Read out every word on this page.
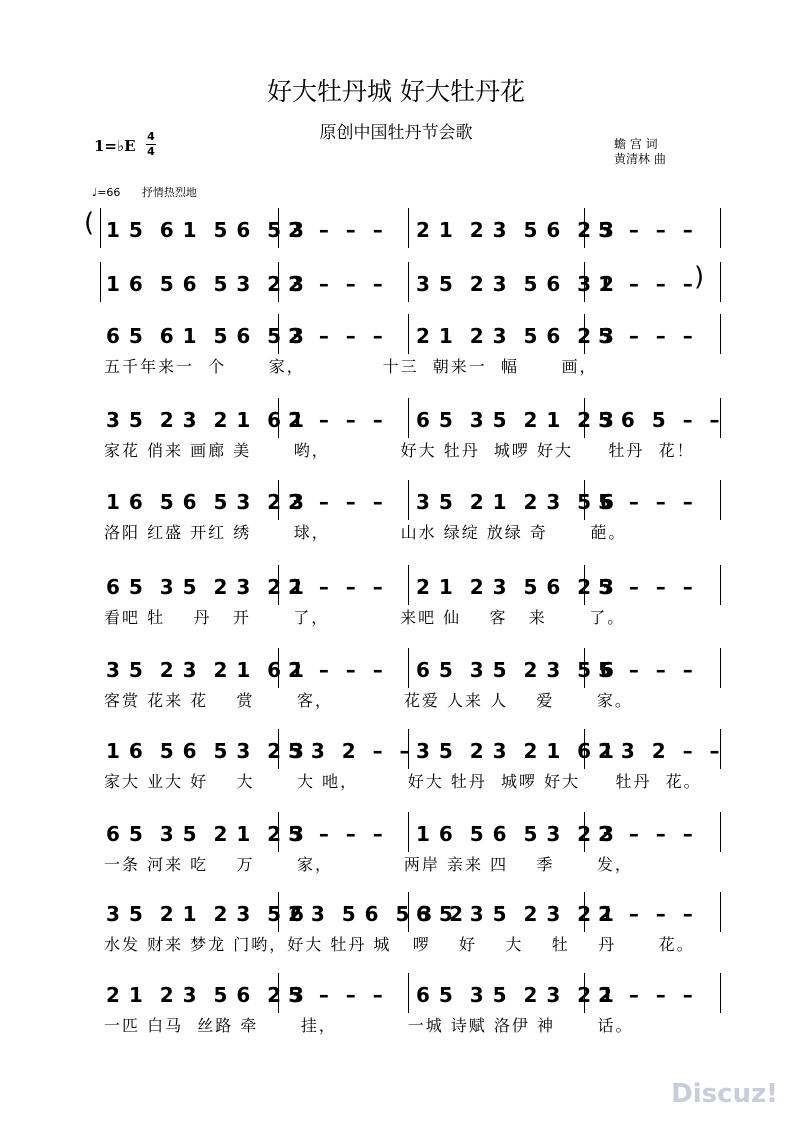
好大牡丹城 好大牡丹花
原创中国牡丹节会歌
1=♭E
4
4
蟾 宫 词
黄清林 曲
♩=66 抒情热烈地
1 5  6 1  5 6  5 3
2  –  –  – 2 1  2 3  5 6  2 3
5  –  –  –
1 6  5 6  5 3  2 3
2  –  –  – 3 5  2 3  5 6  3 2
1  –  –  –
6 5  6 1  5 6  5 3
2  –  –  – 2 1  2 3  5 6  2 3
5  –  –  –
五千年来一  个      家，           十三  朝来一  幅      画，
3 5  2 3  2 1  6 1
2  –  –  – 6 5  3 5  2 1  2 3
5 6  5  –  –
家花 俏来 画廊 美      哟，          好大 牡丹  城啰 好大     牡丹  花！
1 6  5 6  5 3  2 3
2  –  –  – 3 5  2 1  2 3  5 6
5  –  –  –
洛阳 红盛 开红 绣      球，          山水 绿绽 放绿 奇      葩。
6 5  3 5  2 3  2 1
2  –  –  – 2 1  2 3  5 6  2 3
5  –  –  –
看吧 牡    丹   开      了，          来吧 仙    客   来      了。
3 5  2 3  2 1  6 1
2  –  –  – 6 5  3 5  2 3  5 6
5  –  –  –
客赏 花来 花    赏      客，          花爱 人来 人    爱      家。
1 6  5 6  5 3  2 3
5 3  2  –  – 3 5  2 3  2 1  6 1
2 3  2  –  –
家大 业大 好    大      大 吔，       好大 牡丹  城啰 好大     牡丹  花。
6 5  3 5  2 1  2 3
5  –  –  – 1 6  5 6  5 3  2 3
2  –  –  –
一条 河来 吃    万      家，          两岸 亲来 四    季      发，
3 5  2 1  2 3  5 6
2 3  5 6  5 3  2
6 5  3 5  2 3  2 1
2  –  –  –
水发 财来 梦龙 门哟，好大 牡丹 城   啰    好    大    牡    丹      花。
2 1  2 3  5 6  2 3
5  –  –  – 6 5  3 5  2 3  2 1
2  –  –  –
一匹 白马  丝路 牵      挂，          一城 诗赋 洛伊 神      话。
(
)
Discuz!
